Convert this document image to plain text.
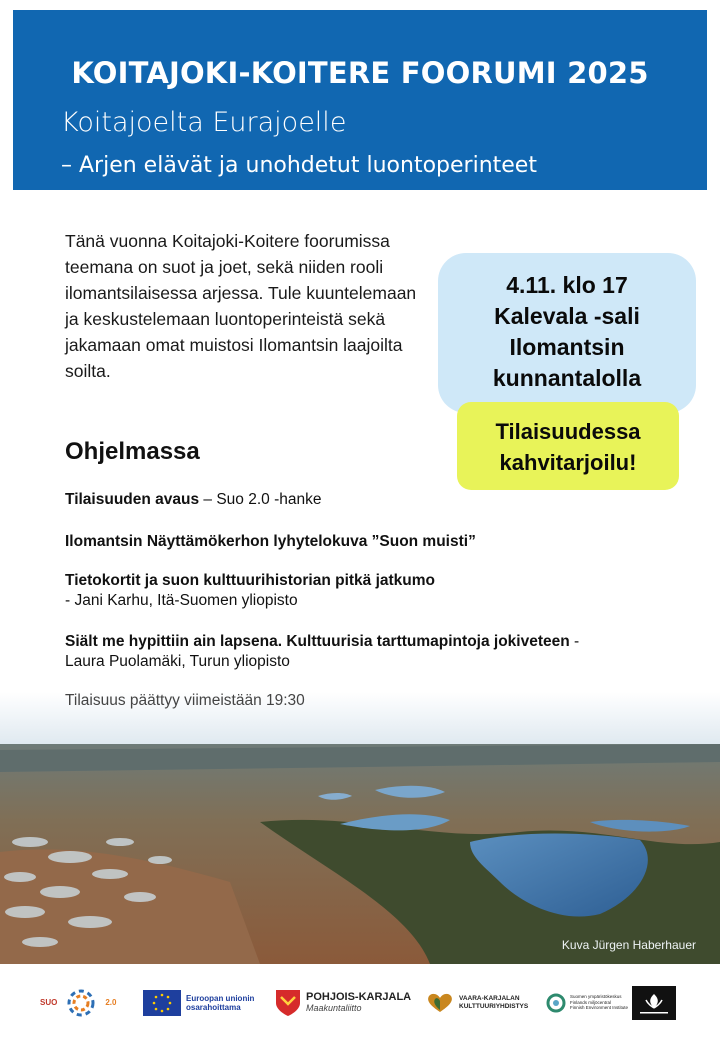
KOITAJOKI-KOITERE FOORUMI 2025
Koitajoelta Eurajoelle
– Arjen elävät ja unohdetut luontoperinteet

Tänä vuonna Koitajoki-Koitere foorumissa teemana on suot ja joet, sekä niiden rooli ilomantsilaisessa arjessa. Tule kuuntelemaan ja keskustelemaan luontoperinteistä sekä jakamaan omat muistosi Ilomantsin laajoilta soilta.

4.11. klo 17
Kalevala -sali
Ilomantsin
kunnantalolla
Tilaisuudessa
kahvitarjoilu!
Ohjelmassa
Tilaisuuden avaus – Suo 2.0 -hanke
Ilomantsin Näyttämökerhon lyhytelokuva ”Suon muisti”
Tietokortit ja suon kulttuurihistorian pitkä jatkumo
- Jani Karhu, Itä-Suomen yliopisto
Siält me hypittiin ain lapsena. Kulttuurisia tarttumapintoja jokiveteen - Laura Puolamäki, Turun yliopisto
Tilaisuus päättyy viimeistään 19:30
Kuva Jürgen Haberhauer
SUO	2.0	Euroopan unionin osarahoittama
POHJOIS-KARJALA
Maakuntaliitto
VAARA-KARJALAN
KULTTUURIYHDISTYS
Suomen ympäristökeskus
Finlands miljöcentral
Finnish Environment Institute
